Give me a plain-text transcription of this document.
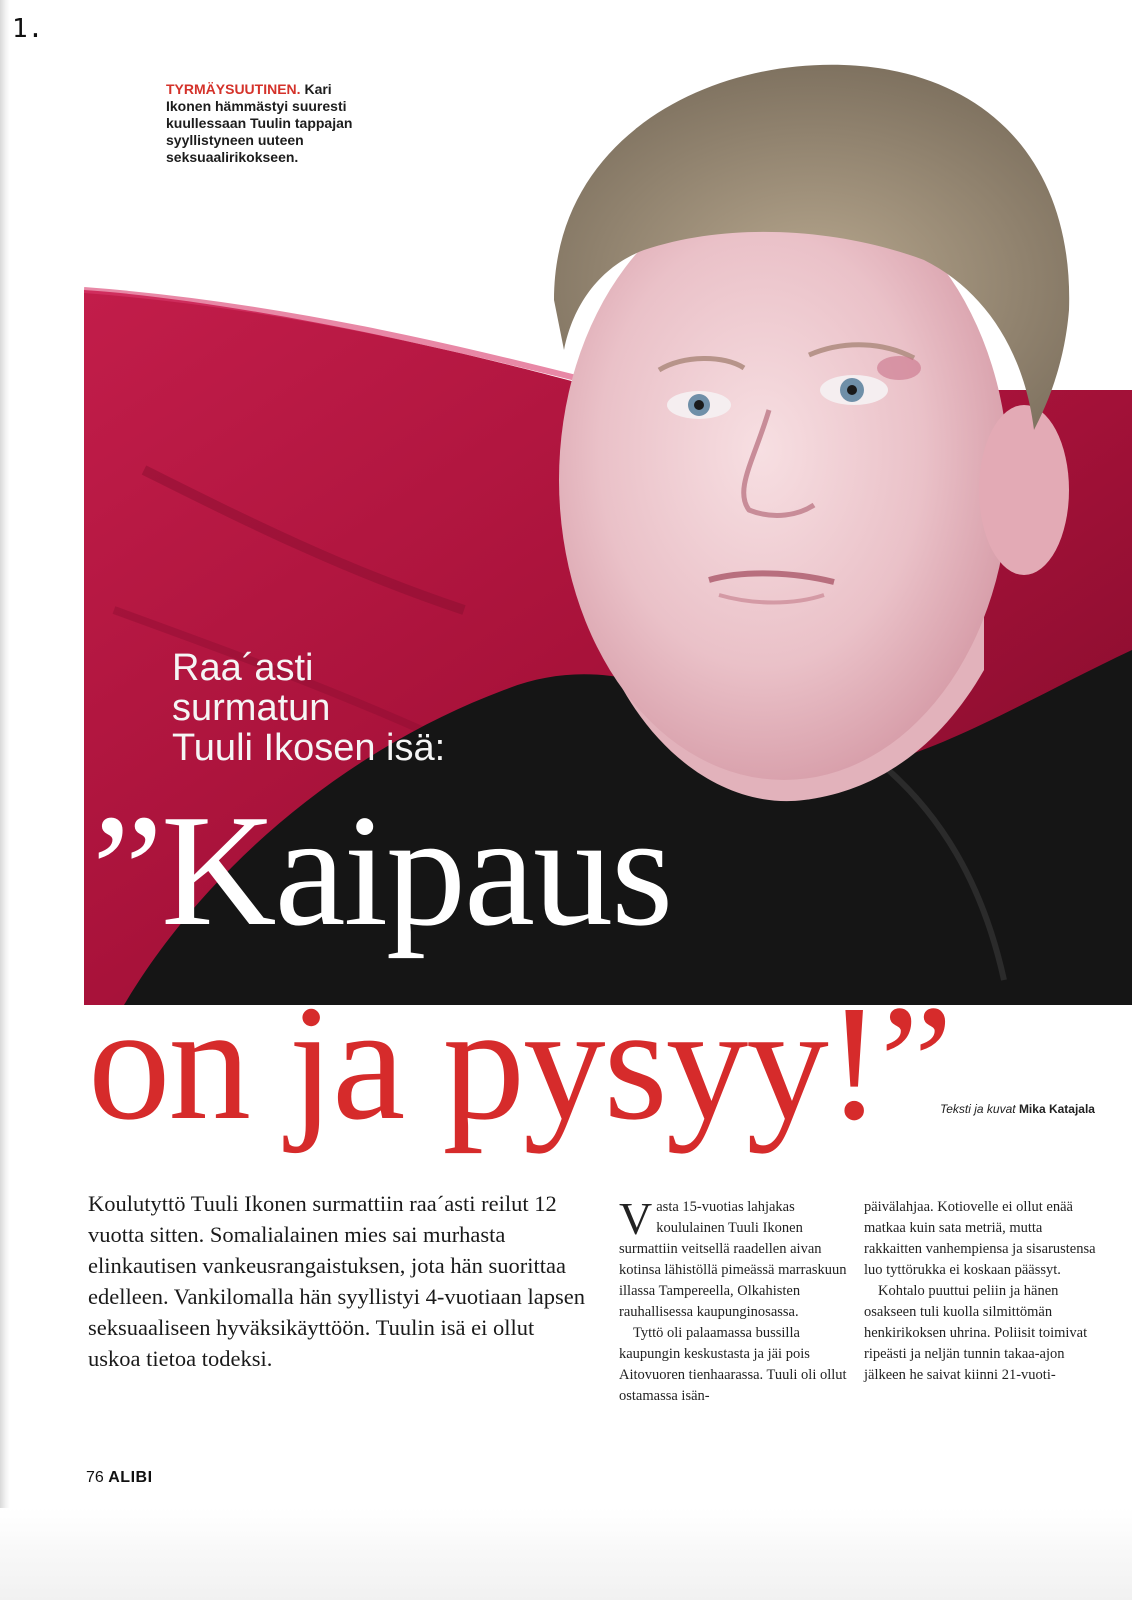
1.
TYRMÄYSUUTINEN. Kari Ikonen hämmästyi suuresti kuullessaan Tuulin tappajan syyllistyneen uuteen seksuaalirikokseen.
Raa´asti
surmatun
Tuuli Ikosen isä:
”Kaipaus
on ja pysyy!”
Teksti ja kuvat Mika Katajala
Koulutyttö Tuuli Ikonen surmattiin raa´asti reilut 12 vuotta sitten. Somalialainen mies sai murhasta elinkautisen vankeusrangaistuksen, jota hän suorittaa edelleen. Vankilomalla hän syyllistyi 4-vuotiaan lapsen seksuaaliseen hyväksikäyttöön. Tuulin isä ei ollut uskoa tietoa todeksi.

Vasta 15-vuotias lahjakas koululainen Tuuli Ikonen surmattiin veitsellä raadellen aivan kotinsa lähistöllä pimeässä marraskuun illassa Tampereella, Olkahisten rauhallisessa kaupunginosassa.

Tyttö oli palaamassa bussilla kaupungin keskustasta ja jäi pois Aitovuoren tienhaarassa. Tuuli oli ollut ostamassa isän-

päivälahjaa. Kotiovelle ei ollut enää matkaa kuin sata metriä, mutta rakkaitten vanhempiensa ja sisarustensa luo tyttörukka ei koskaan päässyt.

Kohtalo puuttui peliin ja hänen osakseen tuli kuolla silmittömän henkirikoksen uhrina. Poliisit toimivat ripeästi ja neljän tunnin takaa-ajon jälkeen he saivat kiinni 21-vuoti-

76 ALIBI
